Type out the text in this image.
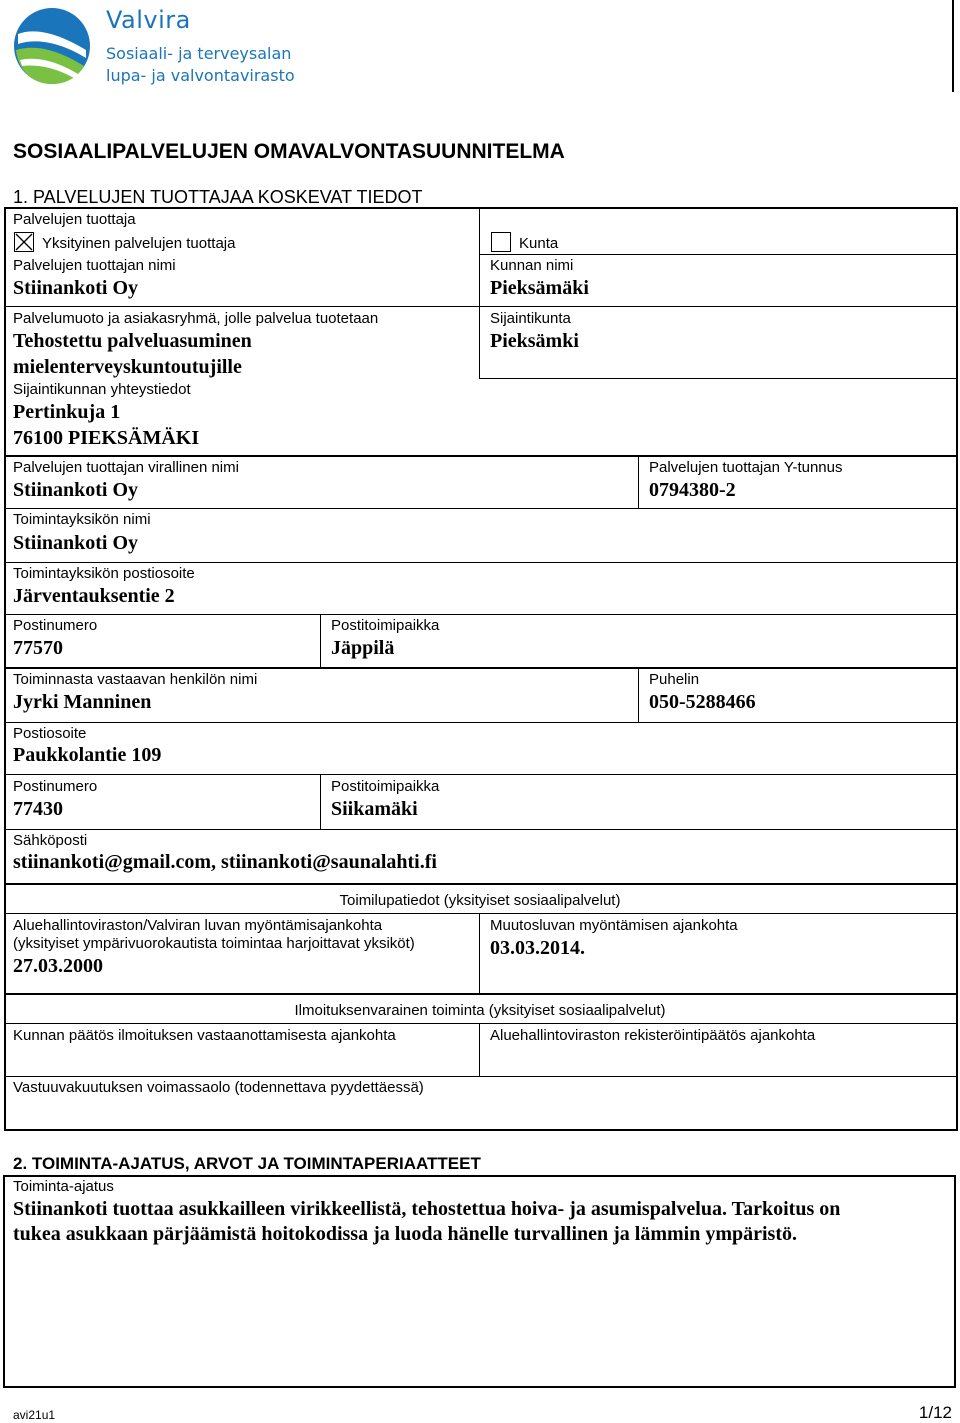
Valvira
Sosiaali- ja terveysalan
lupa- ja valvontavirasto
SOSIAALIPALVELUJEN OMAVALVONTASUUNNITELMA
1. PALVELUJEN TUOTTAJAA KOSKEVAT TIEDOT
Palvelujen tuottaja
Yksityinen palvelujen tuottaja	Kunta
Palvelujen tuottajan nimi
Stiinankoti Oy
Kunnan nimi
Pieksämäki
Palvelumuoto ja asiakasryhmä, jolle palvelua tuotetaan
Tehostettu palveluasuminen
mielenterveyskuntoutujille
Sijaintikunta
Pieksämki
Sijaintikunnan yhteystiedot
Pertinkuja 1
76100 PIEKSÄMÄKI
Palvelujen tuottajan virallinen nimi
Stiinankoti Oy
Palvelujen tuottajan Y-tunnus
0794380-2
Toimintayksikön nimi
Stiinankoti Oy
Toimintayksikön postiosoite
Järventauksentie 2
Postinumero
77570
Postitoimipaikka
Jäppilä
Toiminnasta vastaavan henkilön nimi
Jyrki Manninen
Puhelin
050-5288466
Postiosoite
Paukkolantie 109
Postinumero
77430
Postitoimipaikka
Siikamäki
Sähköposti
stiinankoti@gmail.com, stiinankoti@saunalahti.fi
Toimilupatiedot (yksityiset sosiaalipalvelut)
Aluehallintoviraston/Valviran luvan myöntämisajankohta
(yksityiset ympärivuorokautista toimintaa harjoittavat yksiköt)
27.03.2000
Muutosluvan myöntämisen ajankohta
03.03.2014.
Ilmoituksenvarainen toiminta (yksityiset sosiaalipalvelut)
Kunnan päätös ilmoituksen vastaanottamisesta ajankohta	Aluehallintoviraston rekisteröintipäätös ajankohta
Vastuuvakuutuksen voimassaolo (todennettava pyydettäessä)
2. TOIMINTA-AJATUS, ARVOT JA TOIMINTAPERIAATTEET
Toiminta-ajatus
Stiinankoti tuottaa asukkailleen virikkeellistä, tehostettua hoiva- ja asumispalvelua. Tarkoitus on
tukea asukkaan pärjäämistä hoitokodissa ja luoda hänelle turvallinen ja lämmin ympäristö.
avi21u1	1/12
